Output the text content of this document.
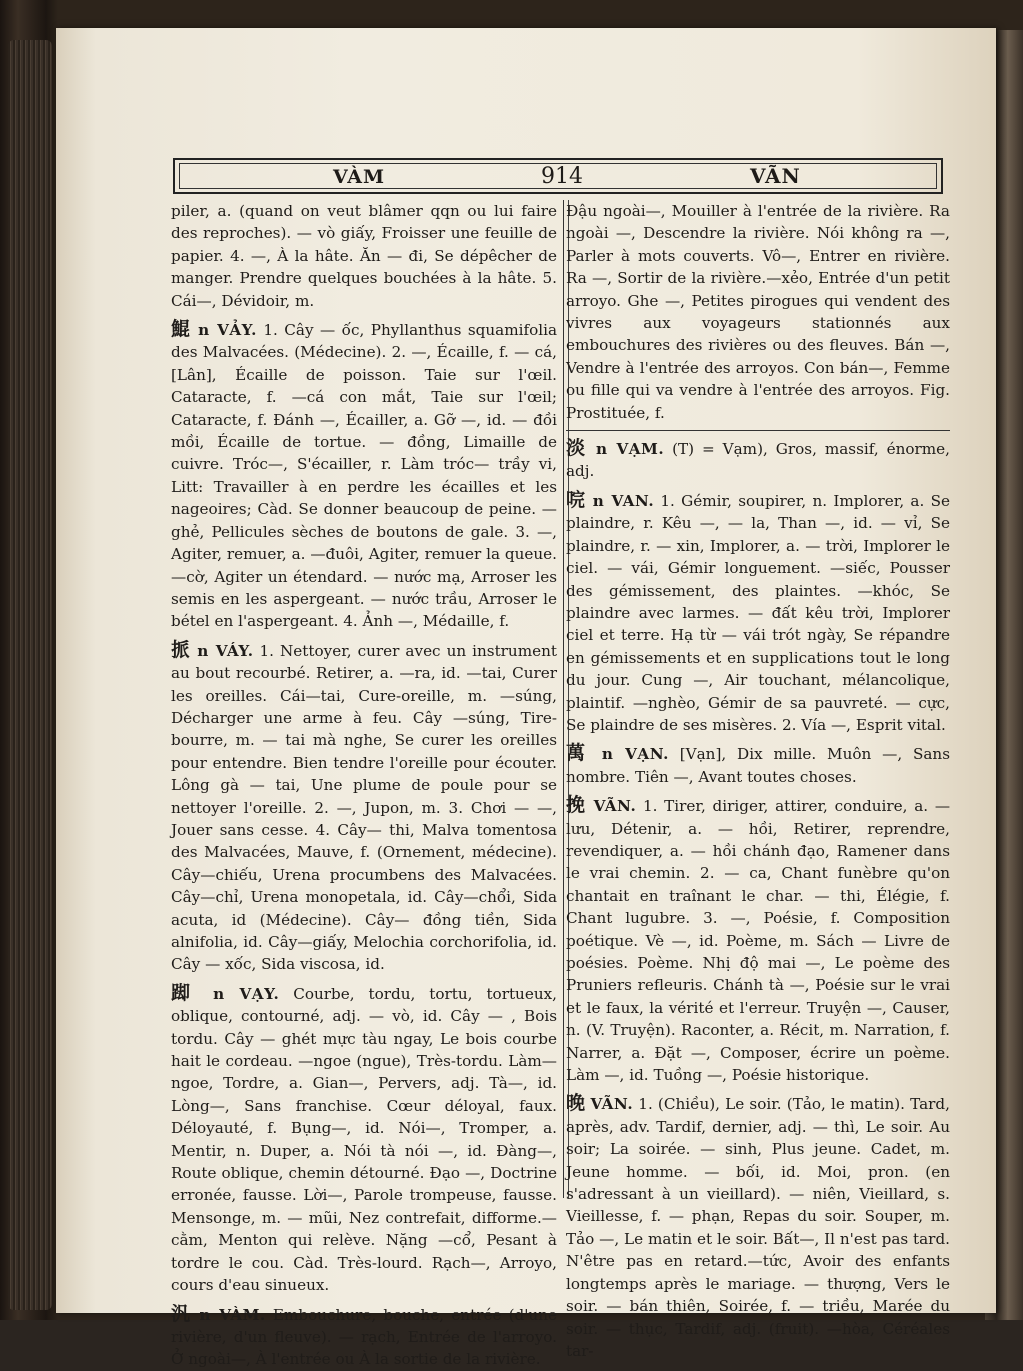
VÀM	914	VÃN

piler, a. (quand on veut blâmer qqn ou lui faire des reproches). — vò giấy, Froisser une feuille de papier. 4. —, À la hâte. Ăn — đi, Se dépêcher de manger. Prendre quelques bouchées à la hâte. 5. Cái—, Dévidoir, m.

鯤 n VẢY. 1. Cây — ốc, Phyllanthus squamifolia des Malvacées. (Médecine). 2. —, Écaille, f. — cá, [Lân], Écaille de poisson. Taie sur l'œil. Cataracte, f. —cá con mắt, Taie sur l'œil; Cataracte, f. Đánh —, Écailler, a. Gỡ —, id. — đồi mồi, Écaille de tortue. — đồng, Limaille de cuivre. Tróc—, S'écailler, r. Làm tróc— trầy vi, Litt: Travailler à en perdre les écailles et les nageoires; Càd. Se donner beaucoup de peine. — ghẻ, Pellicules sèches de boutons de gale. 3. —, Agiter, remuer, a. —đuôi, Agiter, remuer la queue.—cờ, Agiter un étendard. — nước mạ, Arroser les semis en les aspergeant. — nước trầu, Arroser le bétel en l'aspergeant. 4. Ảnh —, Médaille, f.

挀 n VÁY. 1. Nettoyer, curer avec un instrument au bout recourbé. Retirer, a. —ra, id. —tai, Curer les oreilles. Cái—tai, Cure-oreille, m. —súng, Décharger une arme à feu. Cây —súng, Tire-bourre, m. — tai mà nghe, Se curer les oreilles pour entendre. Bien tendre l'oreille pour écouter. Lông gà — tai, Une plume de poule pour se nettoyer l'oreille. 2. —, Jupon, m. 3. Chơi — —, Jouer sans cesse. 4. Cây— thi, Malva tomentosa des Malvacées, Mauve, f. (Ornement, médecine). Cây—chiếu, Urena procumbens des Malvacées. Cây—chỉ, Urena monopetala, id. Cây—chổi, Sida acuta, id (Médecine). Cây— đồng tiền, Sida alnifolia, id. Cây—giấy, Melochia corchorifolia, id. Cây — xốc, Sida viscosa, id.

踋 n VẠY. Courbe, tordu, tortu, tortueux, oblique, contourné, adj. — vò, id. Cây — , Bois tordu. Cây — ghét mực tàu ngay, Le bois courbe hait le cordeau. —ngoe (ngue), Très-tordu. Làm—ngoe, Tordre, a. Gian—, Pervers, adj. Tà—, id. Lòng—, Sans franchise. Cœur déloyal, faux. Déloyauté, f. Bụng—, id. Nói—, Tromper, a. Mentir, n. Duper, a. Nói tà nói —, id. Đàng—, Route oblique, chemin détourné. Đạo —, Doctrine erronée, fausse. Lời—, Parole trompeuse, fausse. Mensonge, m. — mũi, Nez contrefait, difforme.—cằm, Menton qui relève. Nặng —cổ, Pesant à tordre le cou. Càd. Très-lourd. Rạch—, Arroyo, cours d'eau sinueux.

汎 n VÀM. Embouchure, bouche, entrée (d'une rivière, d'un fleuve). — rạch, Entrée de l'arroyo. Ở ngoài—, À l'entrée ou À la sortie de la rivière.

Đậu ngoài—, Mouiller à l'entrée de la rivière. Ra ngoài —, Descendre la rivière. Nói không ra —, Parler à mots couverts. Vô—, Entrer en rivière. Ra —, Sortir de la rivière.—xẻo, Entrée d'un petit arroyo. Ghe —, Petites pirogues qui vendent des vivres aux voyageurs stationnés aux embouchures des rivières ou des fleuves. Bán —, Vendre à l'entrée des arroyos. Con bán—, Femme ou fille qui va vendre à l'entrée des arroyos. Fig. Prostituée, f.

淡 n VẠM. (T) = Vạm), Gros, massif, énorme, adj.

唍 n VAN. 1. Gémir, soupirer, n. Implorer, a. Se plaindre, r. Kêu —, — la, Than —, id. — vỉ, Se plaindre, r. — xin, Implorer, a. — trời, Implorer le ciel. — vái, Gémir longuement. —siếc, Pousser des gémissement, des plaintes. —khóc, Se plaindre avec larmes. — đất kêu trời, Implorer ciel et terre. Hạ từ — vái trót ngày, Se répandre en gémissements et en supplications tout le long du jour. Cung —, Air touchant, mélancolique, plaintif. —nghèo, Gémir de sa pauvreté. — cực, Se plaindre de ses misères. 2. Vía —, Esprit vital.

萬 n VẠN. [Vạn], Dix mille. Muôn —, Sans nombre. Tiên —, Avant toutes choses.

挽 VÃN. 1. Tirer, diriger, attirer, conduire, a. — lưu, Détenir, a. — hồi, Retirer, reprendre, revendiquer, a. — hồi chánh đạo, Ramener dans le vrai chemin. 2. — ca, Chant funèbre qu'on chantait en traînant le char. — thi, Élégie, f. Chant lugubre. 3. —, Poésie, f. Composition poétique. Vè —, id. Poème, m. Sách — Livre de poésies. Poème. Nhị độ mai —, Le poème des Pruniers refleuris. Chánh tà —, Poésie sur le vrai et le faux, la vérité et l'erreur. Truyện —, Causer, n. (V. Truyện). Raconter, a. Récit, m. Narration, f. Narrer, a. Đặt —, Composer, écrire un poème. Làm —, id. Tuồng —, Poésie historique.

晚 VÃN. 1. (Chiều), Le soir. (Tảo, le matin). Tard, après, adv. Tardif, dernier, adj. — thì, Le soir. Au soir; La soirée. — sinh, Plus jeune. Cadet, m. Jeune homme. — bối, id. Moi, pron. (en s'adressant à un vieillard). — niên, Vieillard, s. Vieillesse, f. — phạn, Repas du soir. Souper, m. Tảo —, Le matin et le soir. Bất—, Il n'est pas tard. N'être pas en retard.—tức, Avoir des enfants longtemps après le mariage. — thượng, Vers le soir. — bán thiên, Soirée, f. — triều, Marée du soir. — thục, Tardif, adj. (fruit). —hòa, Céréales tar-
